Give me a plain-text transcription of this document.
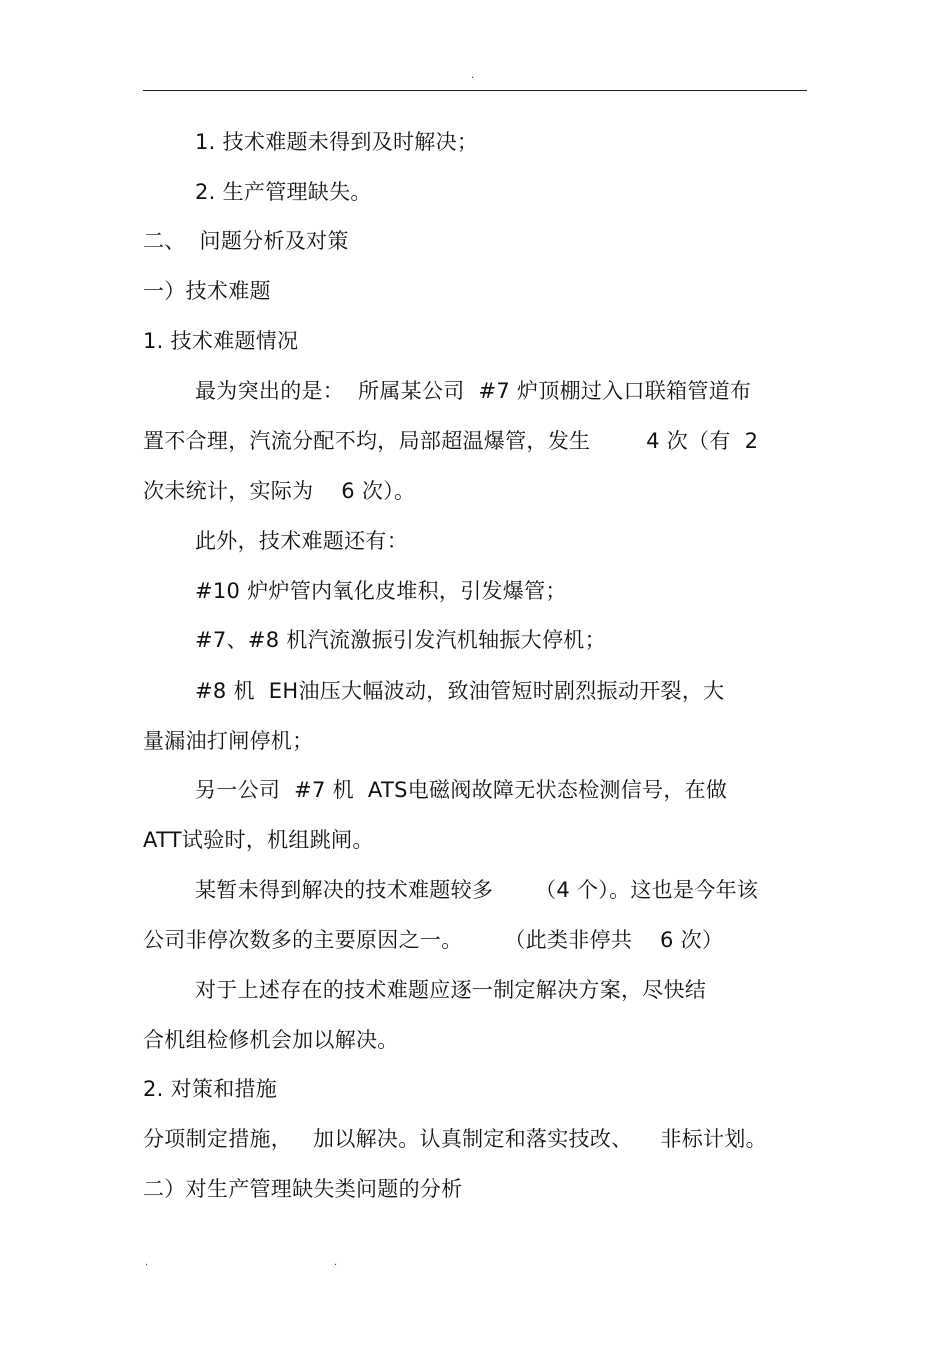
.
1. 技术难题未得到及时解决；
2. 生产管理缺失。
二、  问题分析及对策
一）技术难题
1. 技术难题情况
最为突出的是：  所属某公司  #7 炉顶棚过入口联箱管道布
置不合理，汽流分配不均，局部超温爆管，发生        4 次（有  2
次未统计，实际为    6 次）。
此外，技术难题还有：
#10 炉炉管内氧化皮堆积，引发爆管；
#7、#8 机汽流激振引发汽机轴振大停机；
#8 机  EH油压大幅波动，致油管短时剧烈振动开裂，大
量漏油打闸停机；
另一公司  #7 机  ATS电磁阀故障无状态检测信号，在做
ATT试验时，机组跳闸。
某暂未得到解决的技术难题较多      （4 个）。这也是今年该
公司非停次数多的主要原因之一。      （此类非停共    6 次）
对于上述存在的技术难题应逐一制定解决方案，尽快结
合机组检修机会加以解决。
2. 对策和措施
分项制定措施，   加以解决。认真制定和落实技改、    非标计划。
二）对生产管理缺失类问题的分析
.	.
